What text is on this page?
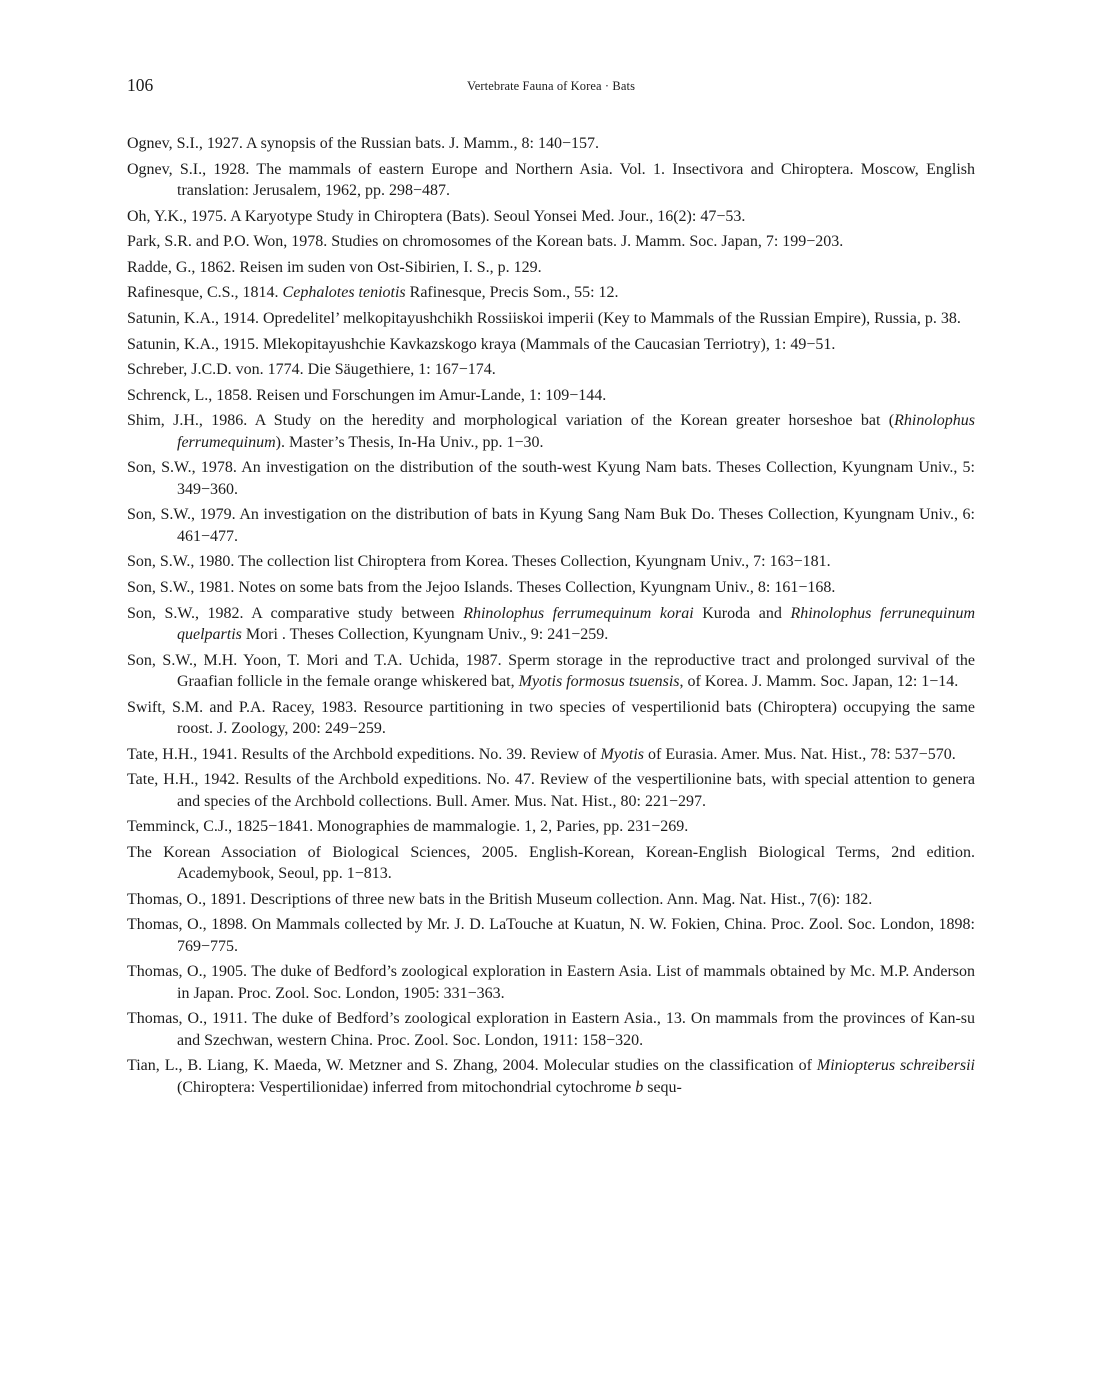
106	Vertebrate Fauna of Korea · Bats

Ognev, S.I., 1927. A synopsis of the Russian bats. J. Mamm., 8: 140−157.

Ognev, S.I., 1928. The mammals of eastern Europe and Northern Asia. Vol. 1. Insectivora and Chiroptera. Moscow, English translation: Jerusalem, 1962, pp. 298−487.

Oh, Y.K., 1975. A Karyotype Study in Chiroptera (Bats). Seoul Yonsei Med. Jour., 16(2): 47−53.

Park, S.R. and P.O. Won, 1978. Studies on chromosomes of the Korean bats. J. Mamm. Soc. Japan, 7: 199−203.

Radde, G., 1862. Reisen im suden von Ost-Sibirien, I. S., p. 129.

Rafinesque, C.S., 1814. Cephalotes teniotis Rafinesque, Precis Som., 55: 12.

Satunin, K.A., 1914. Opredelitel’ melkopitayushchikh Rossiiskoi imperii (Key to Mammals of the Russian Empire), Russia, p. 38.

Satunin, K.A., 1915. Mlekopitayushchie Kavkazskogo kraya (Mammals of the Caucasian Terriotry), 1: 49−51.

Schreber, J.C.D. von. 1774. Die Säugethiere, 1: 167−174.

Schrenck, L., 1858. Reisen und Forschungen im Amur-Lande, 1: 109−144.

Shim, J.H., 1986. A Study on the heredity and morphological variation of the Korean greater horseshoe bat (Rhinolophus ferrumequinum). Master’s Thesis, In-Ha Univ., pp. 1−30.

Son, S.W., 1978. An investigation on the distribution of the south-west Kyung Nam bats. Theses Collection, Kyungnam Univ., 5: 349−360.

Son, S.W., 1979. An investigation on the distribution of bats in Kyung Sang Nam Buk Do. Theses Collection, Kyungnam Univ., 6: 461−477.

Son, S.W., 1980. The collection list Chiroptera from Korea. Theses Collection, Kyungnam Univ., 7: 163−181.

Son, S.W., 1981. Notes on some bats from the Jejoo Islands. Theses Collection, Kyungnam Univ., 8: 161−168.

Son, S.W., 1982. A comparative study between Rhinolophus ferrumequinum korai Kuroda and Rhinolophus ferrunequinum quelpartis Mori . Theses Collection, Kyungnam Univ., 9: 241−259.

Son, S.W., M.H. Yoon, T. Mori and T.A. Uchida, 1987. Sperm storage in the reproductive tract and prolonged survival of the Graafian follicle in the female orange whiskered bat, Myotis formosus tsuensis, of Korea. J. Mamm. Soc. Japan, 12: 1−14.

Swift, S.M. and P.A. Racey, 1983. Resource partitioning in two species of vespertilionid bats (Chiroptera) occupying the same roost. J. Zoology, 200: 249−259.

Tate, H.H., 1941. Results of the Archbold expeditions. No. 39. Review of Myotis of Eurasia. Amer. Mus. Nat. Hist., 78: 537−570.

Tate, H.H., 1942. Results of the Archbold expeditions. No. 47. Review of the vespertilionine bats, with special attention to genera and species of the Archbold collections. Bull. Amer. Mus. Nat. Hist., 80: 221−297.

Temminck, C.J., 1825−1841. Monographies de mammalogie. 1, 2, Paries, pp. 231−269.

The Korean Association of Biological Sciences, 2005. English-Korean, Korean-English Biological Terms, 2nd edition. Academybook, Seoul, pp. 1−813.

Thomas, O., 1891. Descriptions of three new bats in the British Museum collection. Ann. Mag. Nat. Hist., 7(6): 182.

Thomas, O., 1898. On Mammals collected by Mr. J. D. LaTouche at Kuatun, N. W. Fokien, China. Proc. Zool. Soc. London, 1898: 769−775.

Thomas, O., 1905. The duke of Bedford’s zoological exploration in Eastern Asia. List of mammals obtained by Mc. M.P. Anderson in Japan. Proc. Zool. Soc. London, 1905: 331−363.

Thomas, O., 1911. The duke of Bedford’s zoological exploration in Eastern Asia., 13. On mammals from the provinces of Kan-su and Szechwan, western China. Proc. Zool. Soc. London, 1911: 158−320.

Tian, L., B. Liang, K. Maeda, W. Metzner and S. Zhang, 2004. Molecular studies on the classification of Miniopterus schreibersii (Chiroptera: Vespertilionidae) inferred from mitochondrial cytochrome b sequ-
